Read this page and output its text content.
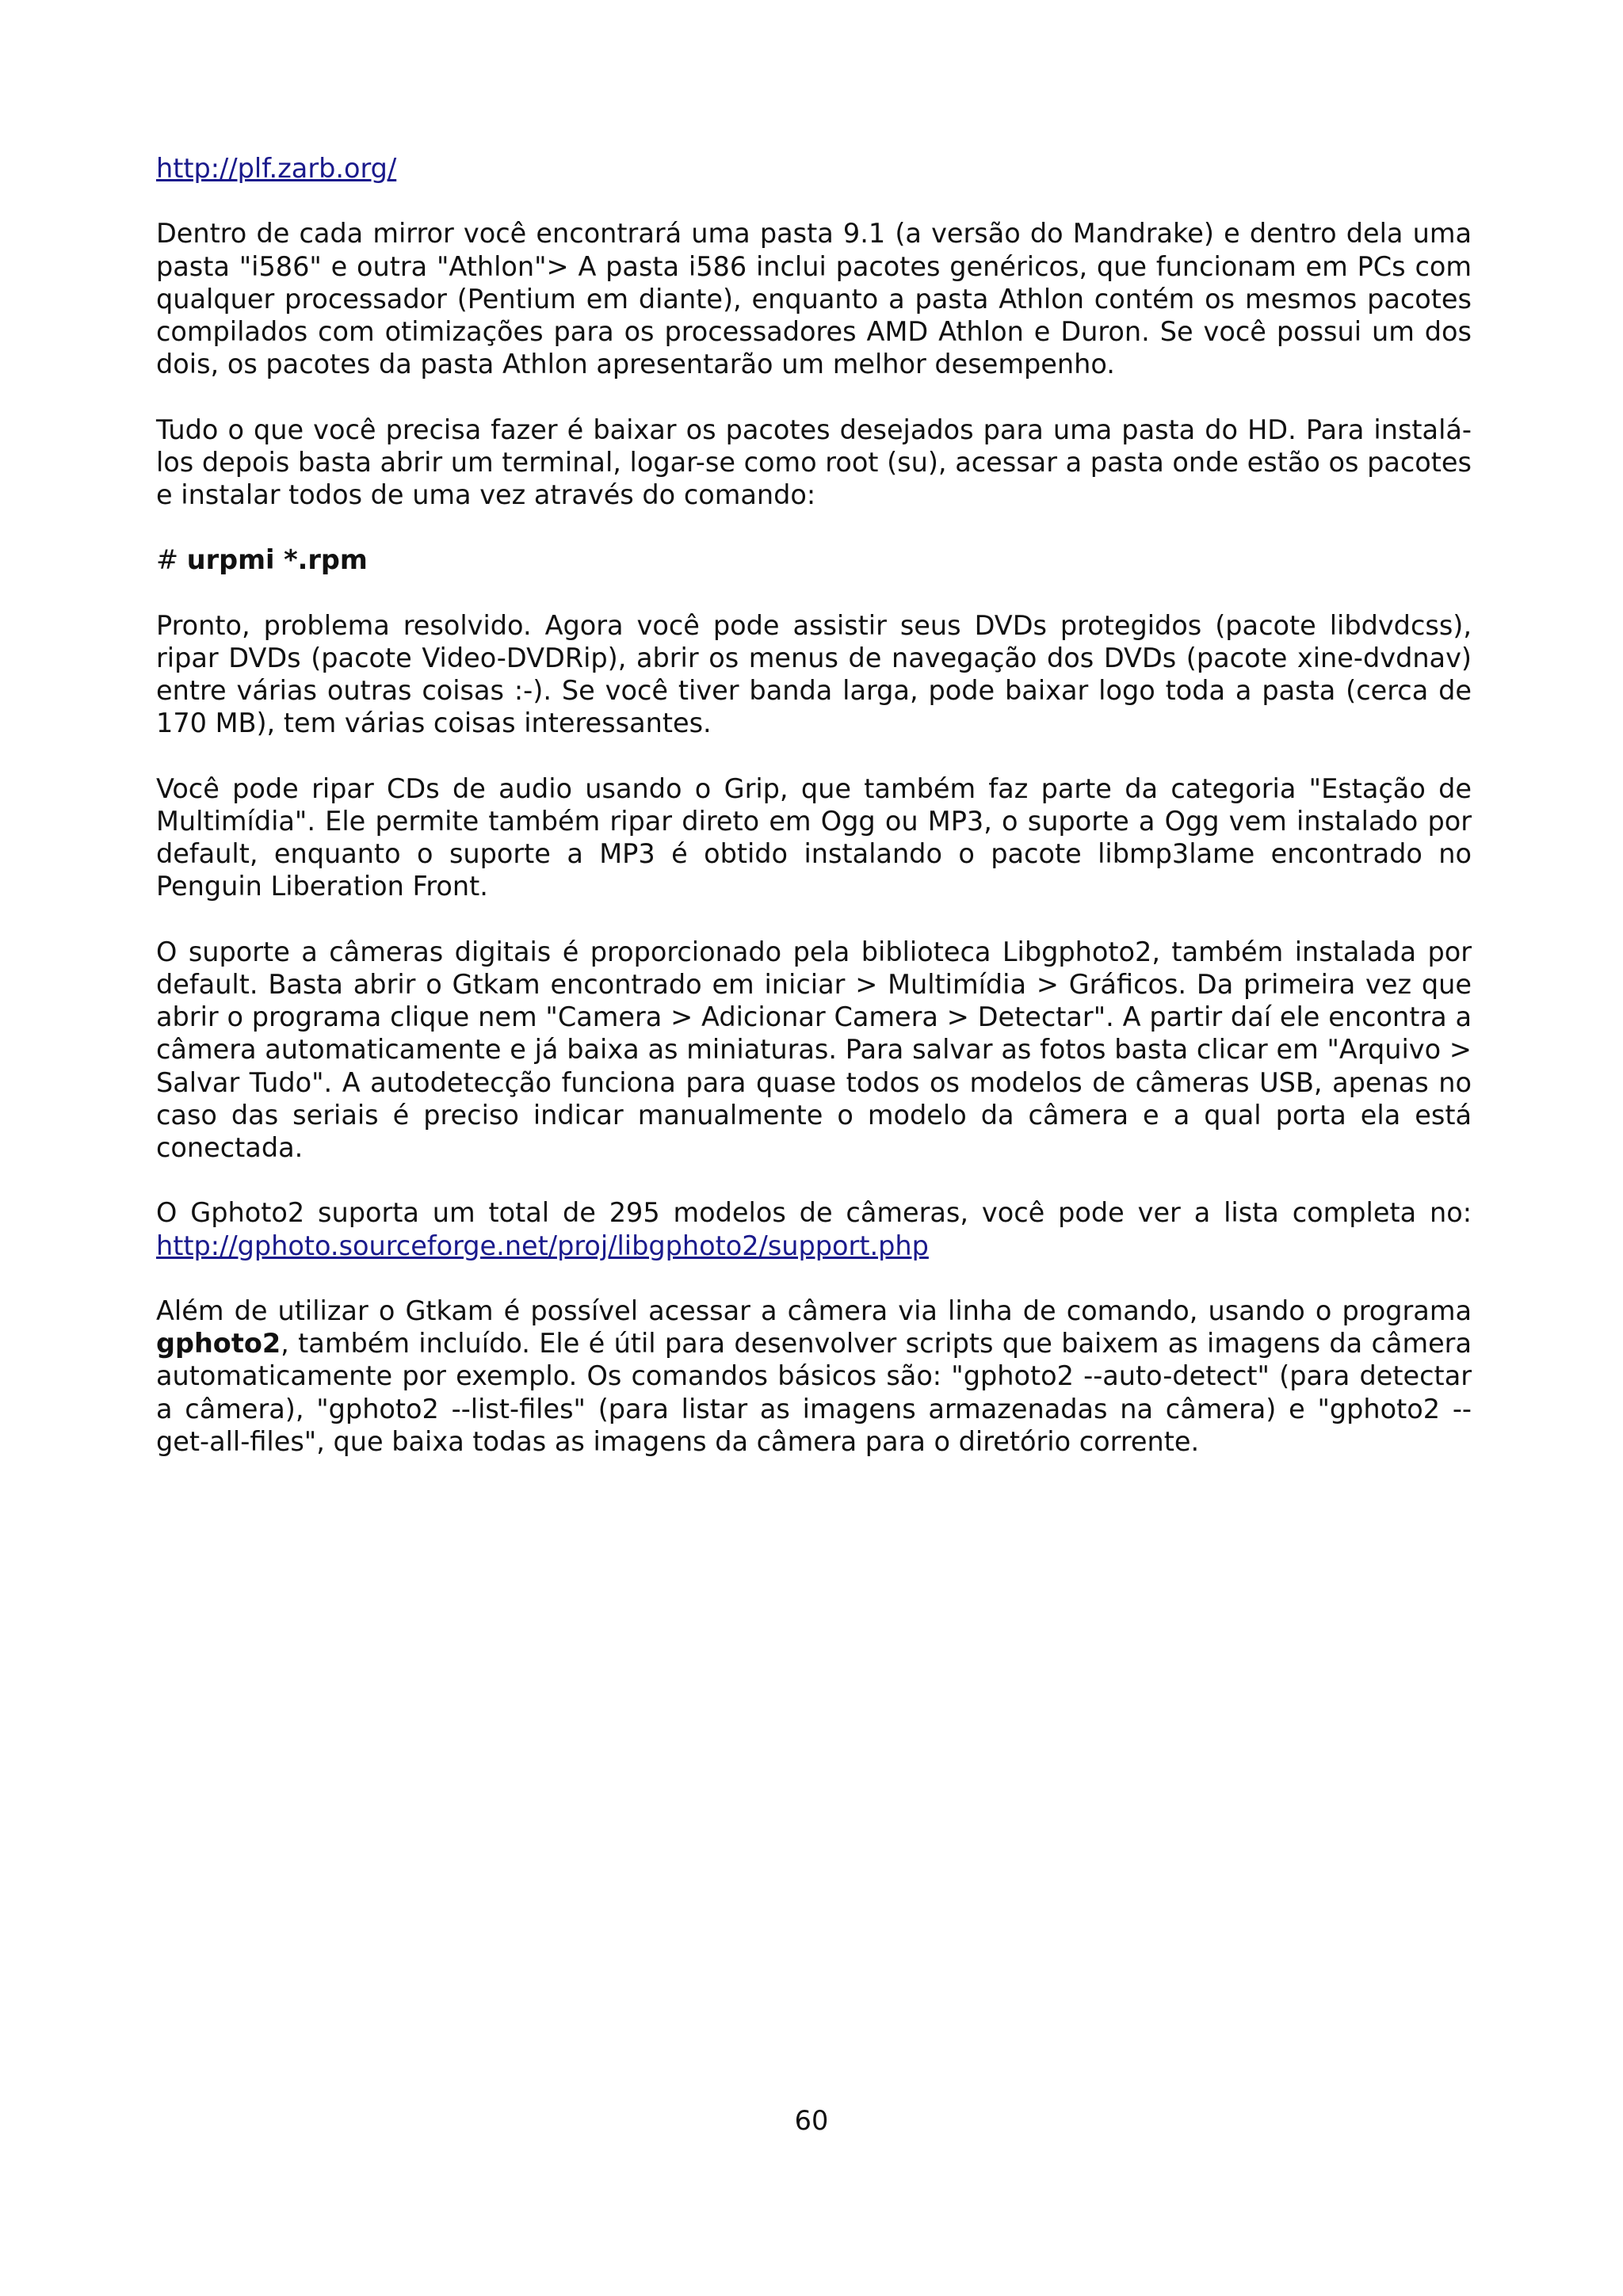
http://plf.zarb.org/

Dentro de cada mirror você encontrará uma pasta 9.1 (a versão do Mandrake) e dentro dela uma pasta "i586" e outra "Athlon"> A pasta i586 inclui pacotes genéricos, que funcionam em PCs com qualquer processador (Pentium em diante), enquanto a pasta Athlon contém os mesmos pacotes compilados com otimizações para os processadores AMD Athlon e Duron. Se você possui um dos dois, os pacotes da pasta Athlon apresentarão um melhor desempenho.

Tudo o que você precisa fazer é baixar os pacotes desejados para uma pasta do HD. Para instalá-los depois basta abrir um terminal, logar-se como root (su), acessar a pasta onde estão os pacotes e instalar todos de uma vez através do comando:

# urpmi *.rpm

Pronto, problema resolvido. Agora você pode assistir seus DVDs protegidos (pacote libdvdcss), ripar DVDs (pacote Video-DVDRip), abrir os menus de navegação dos DVDs (pacote xine-dvdnav) entre várias outras coisas :-). Se você tiver banda larga, pode baixar logo toda a pasta (cerca de 170 MB), tem várias coisas interessantes.

Você pode ripar CDs de audio usando o Grip, que também faz parte da categoria "Estação de Multimídia". Ele permite também ripar direto em Ogg ou MP3, o suporte a Ogg vem instalado por default, enquanto o suporte a MP3 é obtido instalando o pacote libmp3lame encontrado no Penguin Liberation Front.

O suporte a câmeras digitais é proporcionado pela biblioteca Libgphoto2, também instalada por default. Basta abrir o Gtkam encontrado em iniciar > Multimídia > Gráficos. Da primeira vez que abrir o programa clique nem "Camera > Adicionar Camera > Detectar". A partir daí ele encontra a câmera automaticamente e já baixa as miniaturas. Para salvar as fotos basta clicar em "Arquivo > Salvar Tudo". A autodetecção funciona para quase todos os modelos de câmeras USB, apenas no caso das seriais é preciso indicar manualmente o modelo da câmera e a qual porta ela está conectada.

O Gphoto2 suporta um total de 295 modelos de câmeras, você pode ver a lista completa no: http://gphoto.sourceforge.net/proj/libgphoto2/support.php

Além de utilizar o Gtkam é possível acessar a câmera via linha de comando, usando o programa gphoto2, também incluído. Ele é útil para desenvolver scripts que baixem as imagens da câmera automaticamente por exemplo. Os comandos básicos são: "gphoto2 --auto-detect" (para detectar a câmera), "gphoto2 --list-files" (para listar as imagens armazenadas na câmera) e "gphoto2 --get-all-files", que baixa todas as imagens da câmera para o diretório corrente.

60
